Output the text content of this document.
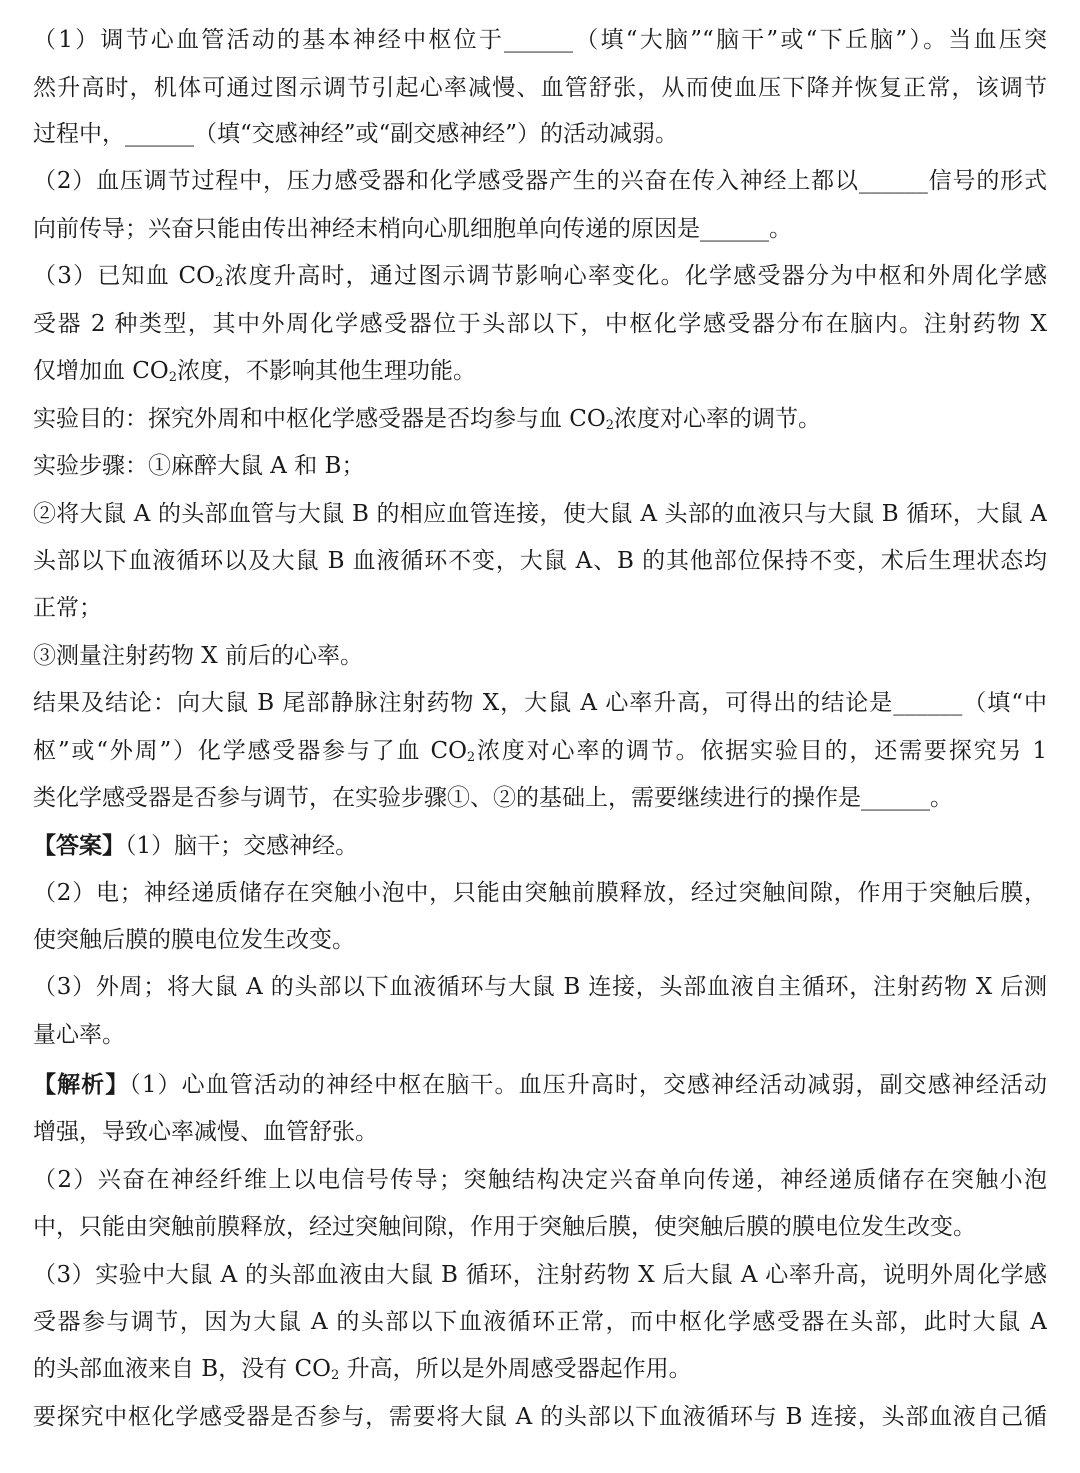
（1）调节心血管活动的基本神经中枢位于______（填“大脑”“脑干”或“下丘脑”）。当血压突
然升高时，机体可通过图示调节引起心率减慢、血管舒张，从而使血压下降并恢复正常，该调节
过程中，______（填“交感神经”或“副交感神经”）的活动减弱。
（2）血压调节过程中，压力感受器和化学感受器产生的兴奋在传入神经上都以______信号的形式
向前传导；兴奋只能由传出神经末梢向心肌细胞单向传递的原因是______。
（3）已知血 $CO_2$浓度升高时，通过图示调节影响心率变化。化学感受器分为中枢和外周化学感
受器 2 种类型，其中外周化学感受器位于头部以下，中枢化学感受器分布在脑内。注射药物 X
仅增加血 $CO_2$浓度，不影响其他生理功能。
实验目的：探究外周和中枢化学感受器是否均参与血 $CO_2$浓度对心率的调节。
实验步骤：①麻醉大鼠 A 和 B；
②将大鼠 A 的头部血管与大鼠 B 的相应血管连接，使大鼠 A 头部的血液只与大鼠 B 循环，大鼠 A
头部以下血液循环以及大鼠 B 血液循环不变，大鼠 A、B 的其他部位保持不变，术后生理状态均
正常；
③测量注射药物 X 前后的心率。
结果及结论：向大鼠 B 尾部静脉注射药物 X，大鼠 A 心率升高，可得出的结论是______（填“中
枢”或“外周”）化学感受器参与了血 $CO_2$浓度对心率的调节。依据实验目的，还需要探究另 1
类化学感受器是否参与调节，在实验步骤①、②的基础上，需要继续进行的操作是______。
【答案】（1）脑干；交感神经。
（2）电；神经递质储存在突触小泡中，只能由突触前膜释放，经过突触间隙，作用于突触后膜，
使突触后膜的膜电位发生改变。
（3）外周；将大鼠 A 的头部以下血液循环与大鼠 B 连接，头部血液自主循环，注射药物 X 后测
量心率。
【解析】（1）心血管活动的神经中枢在脑干。血压升高时，交感神经活动减弱，副交感神经活动
增强，导致心率减慢、血管舒张。
（2）兴奋在神经纤维上以电信号传导；突触结构决定兴奋单向传递，神经递质储存在突触小泡
中，只能由突触前膜释放，经过突触间隙，作用于突触后膜，使突触后膜的膜电位发生改变。
（3）实验中大鼠 A 的头部血液由大鼠 B 循环，注射药物 X 后大鼠 A 心率升高，说明外周化学感
受器参与调节，因为大鼠 A 的头部以下血液循环正常，而中枢化学感受器在头部，此时大鼠 A
的头部血液来自 B，没有 $CO_2$ 升高，所以是外周感受器起作用。
要探究中枢化学感受器是否参与，需要将大鼠 A 的头部以下血液循环与 B 连接，头部血液自己循
